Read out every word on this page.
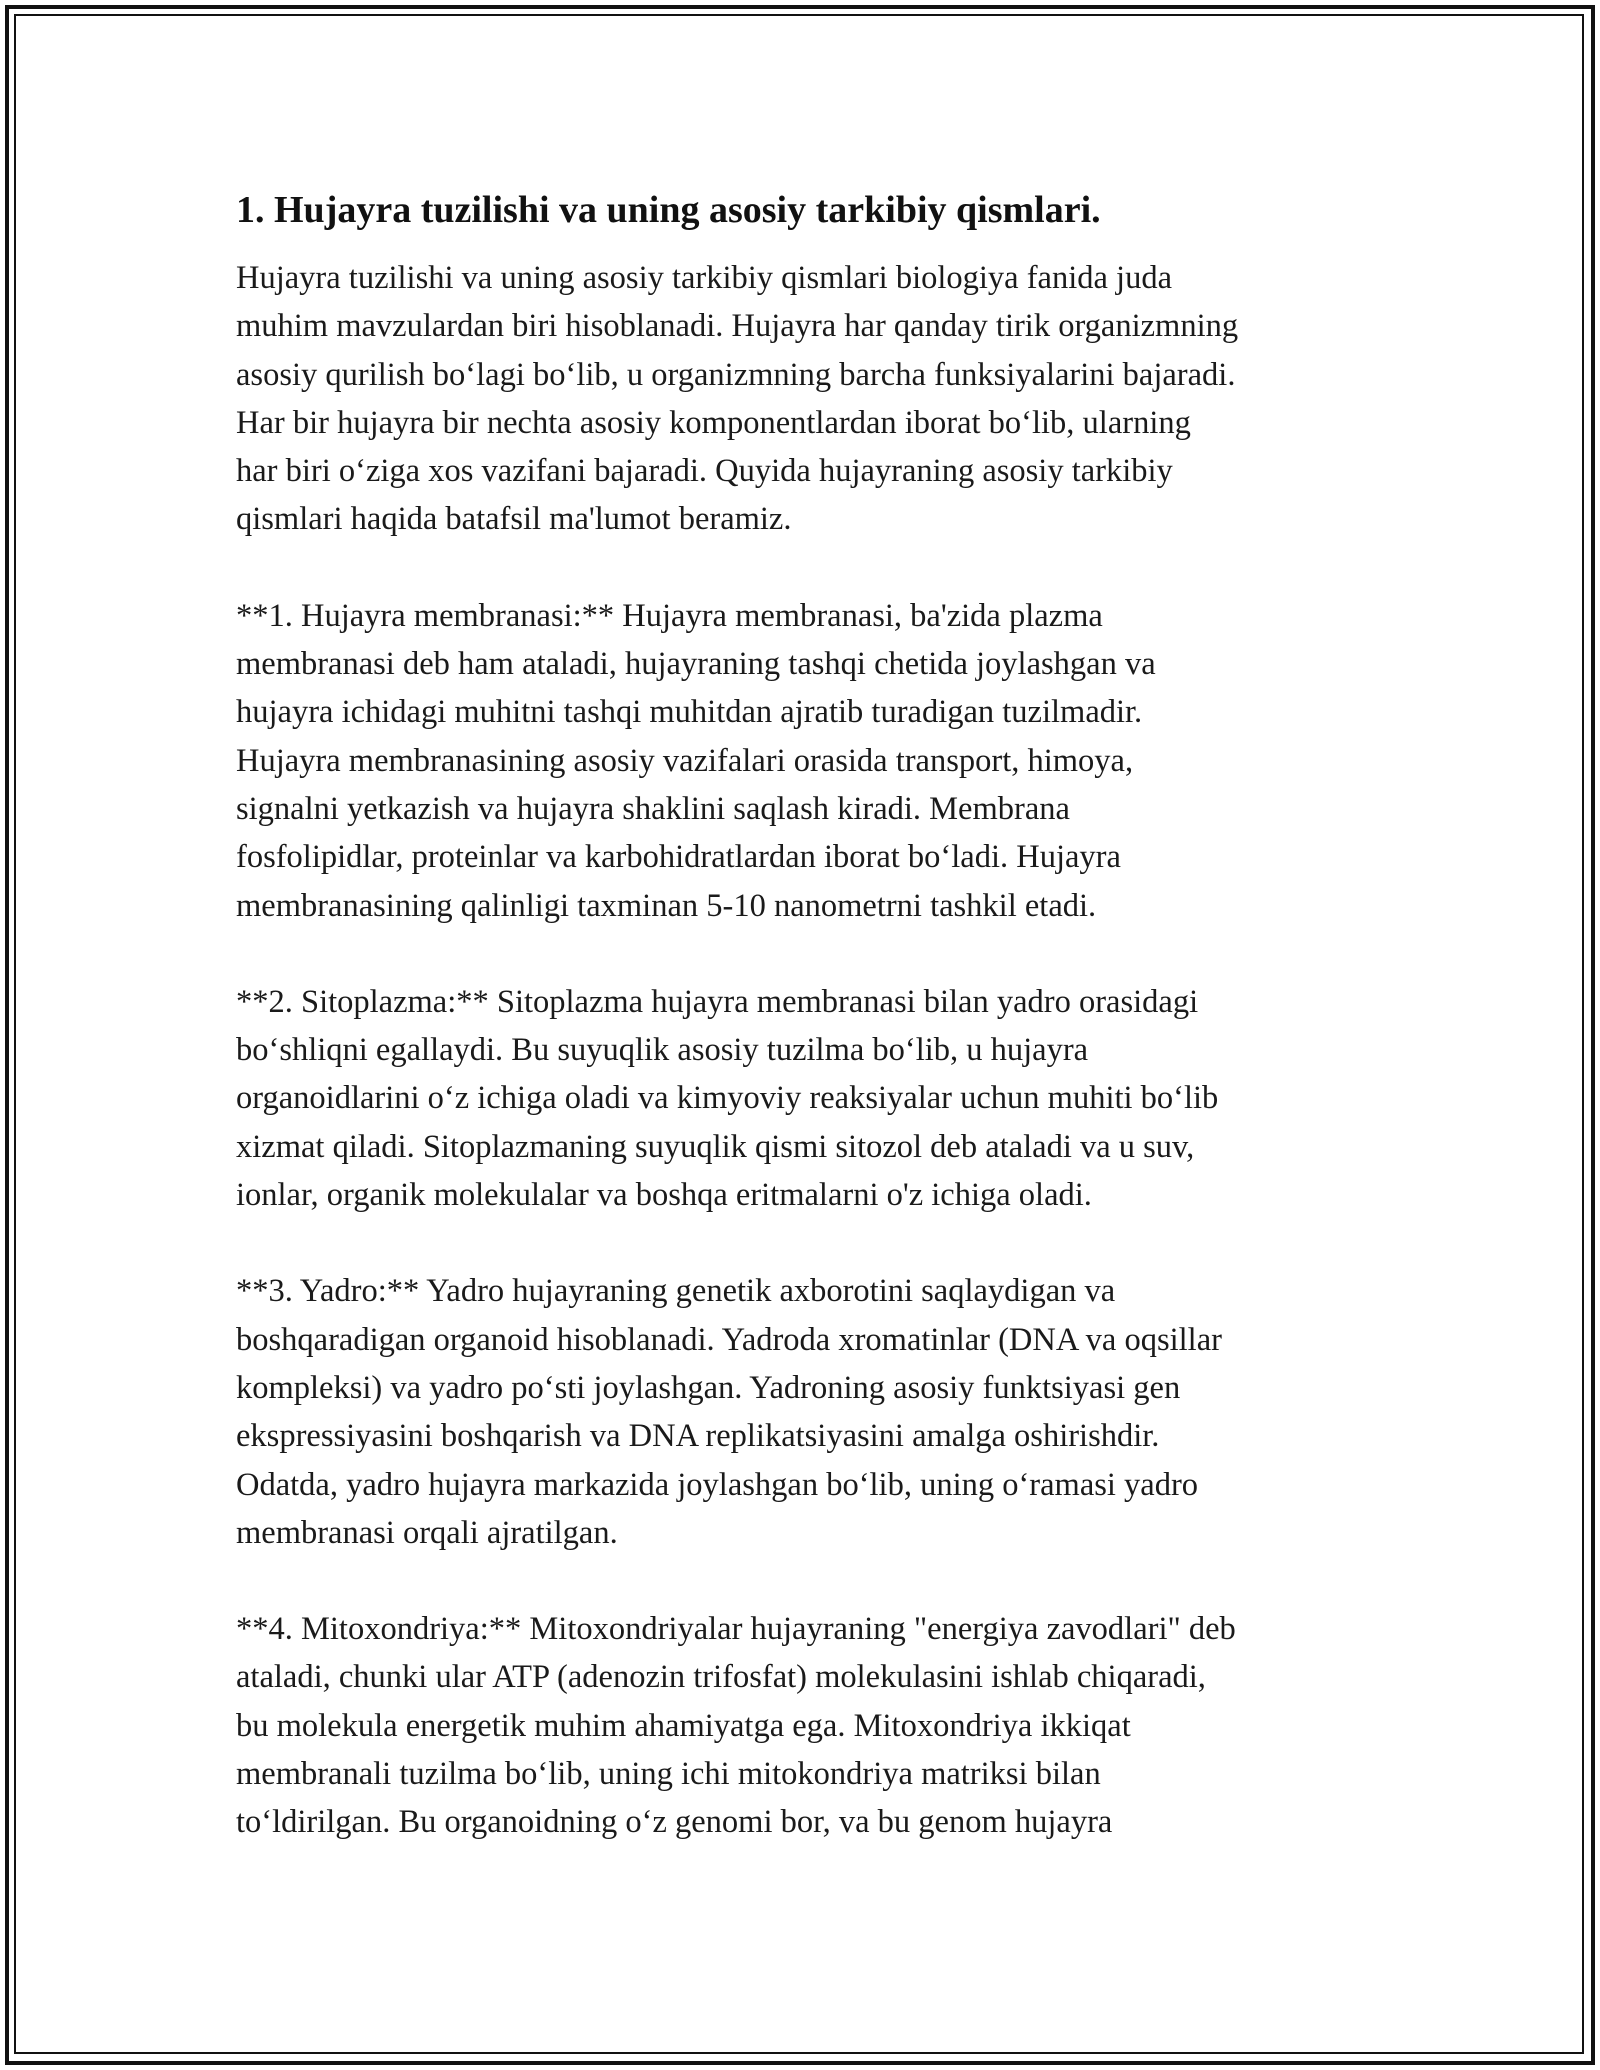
1. Hujayra tuzilishi va uning asosiy tarkibiy qismlari.

Hujayra tuzilishi va uning asosiy tarkibiy qismlari biologiya fanida juda
muhim mavzulardan biri hisoblanadi. Hujayra har qanday tirik organizmning
asosiy qurilish bo‘lagi bo‘lib, u organizmning barcha funksiyalarini bajaradi.
Har bir hujayra bir nechta asosiy komponentlardan iborat bo‘lib, ularning
har biri o‘ziga xos vazifani bajaradi. Quyida hujayraning asosiy tarkibiy
qismlari haqida batafsil ma'lumot beramiz.

**1. Hujayra membranasi:** Hujayra membranasi, ba'zida plazma
membranasi deb ham ataladi, hujayraning tashqi chetida joylashgan va
hujayra ichidagi muhitni tashqi muhitdan ajratib turadigan tuzilmadir.
Hujayra membranasining asosiy vazifalari orasida transport, himoya,
signalni yetkazish va hujayra shaklini saqlash kiradi. Membrana
fosfolipidlar, proteinlar va karbohidratlardan iborat bo‘ladi. Hujayra
membranasining qalinligi taxminan 5-10 nanometrni tashkil etadi.

**2. Sitoplazma:** Sitoplazma hujayra membranasi bilan yadro orasidagi
bo‘shliqni egallaydi. Bu suyuqlik asosiy tuzilma bo‘lib, u hujayra
organoidlarini o‘z ichiga oladi va kimyoviy reaksiyalar uchun muhiti bo‘lib
xizmat qiladi. Sitoplazmaning suyuqlik qismi sitozol deb ataladi va u suv,
ionlar, organik molekulalar va boshqa eritmalarni o'z ichiga oladi.

**3. Yadro:** Yadro hujayraning genetik axborotini saqlaydigan va
boshqaradigan organoid hisoblanadi. Yadroda xromatinlar (DNA va oqsillar
kompleksi) va yadro po‘sti joylashgan. Yadroning asosiy funktsiyasi gen
ekspressiyasini boshqarish va DNA replikatsiyasini amalga oshirishdir.
Odatda, yadro hujayra markazida joylashgan bo‘lib, uning o‘ramasi yadro
membranasi orqali ajratilgan.

**4. Mitoxondriya:** Mitoxondriyalar hujayraning "energiya zavodlari" deb
ataladi, chunki ular ATP (adenozin trifosfat) molekulasini ishlab chiqaradi,
bu molekula energetik muhim ahamiyatga ega. Mitoxondriya ikkiqat
membranali tuzilma bo‘lib, uning ichi mitokondriya matriksi bilan
to‘ldirilgan. Bu organoidning o‘z genomi bor, va bu genom hujayra
